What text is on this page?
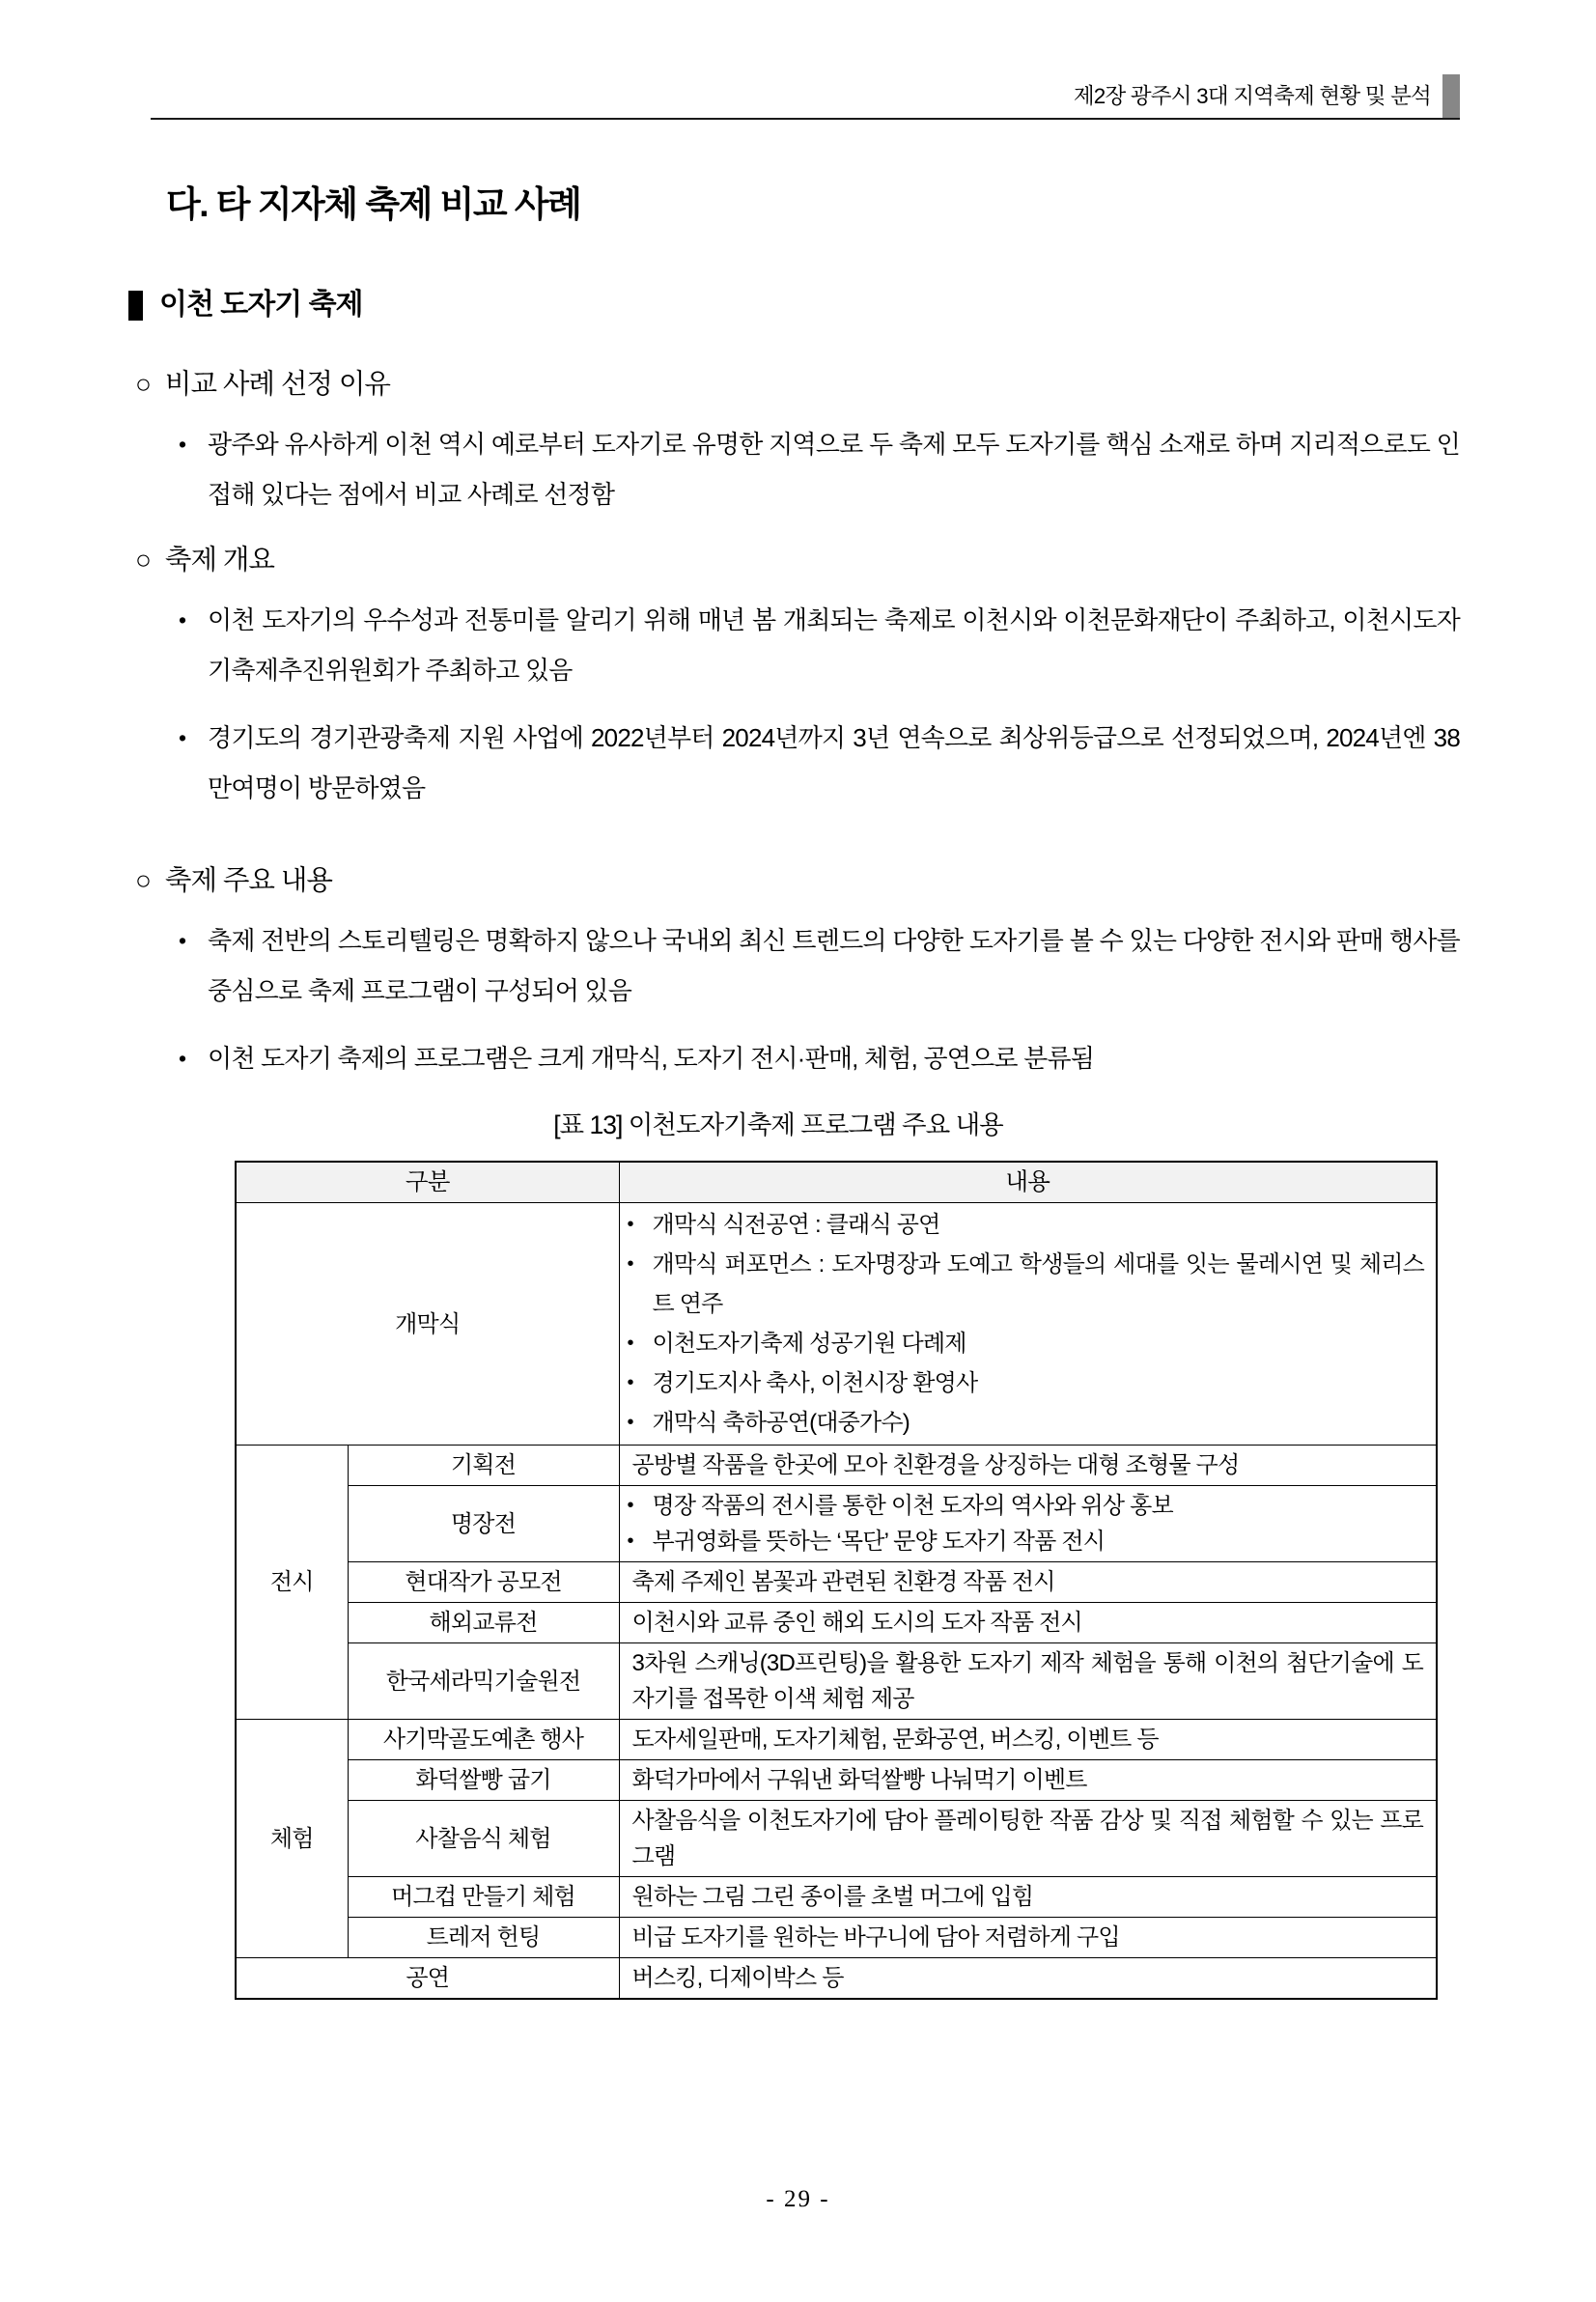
제2장 광주시 3대 지역축제 현황 및 분석
다. 타 지자체 축제 비교 사례
이천 도자기 축제
○ 비교 사례 선정 이유
• 광주와 유사하게 이천 역시 예로부터 도자기로 유명한 지역으로 두 축제 모두 도자기를 핵심 소재로 하며 지리적으로도 인접해 있다는 점에서 비교 사례로 선정함
○ 축제 개요
• 이천 도자기의 우수성과 전통미를 알리기 위해 매년 봄 개최되는 축제로 이천시와 이천문화재단이 주최하고, 이천시도자기축제추진위원회가 주최하고 있음
• 경기도의 경기관광축제 지원 사업에 2022년부터 2024년까지 3년 연속으로 최상위등급으로 선정되었으며, 2024년엔 38만여명이 방문하였음
○ 축제 주요 내용
• 축제 전반의 스토리텔링은 명확하지 않으나 국내외 최신 트렌드의 다양한 도자기를 볼 수 있는 다양한 전시와 판매 행사를 중심으로 축제 프로그램이 구성되어 있음
• 이천 도자기 축제의 프로그램은 크게 개막식, 도자기 전시·판매, 체험, 공연으로 분류됨
[표 13] 이천도자기축제 프로그램 주요 내용
구분		내용
개막식		• 개막식 식전공연 : 클래식 공연
• 개막식 퍼포먼스 : 도자명장과 도예고 학생들의 세대를 잇는 물레시연 및 체리스트 연주
• 이천도자기축제 성공기원 다례제
• 경기도지사 축사, 이천시장 환영사
• 개막식 축하공연(대중가수)

전시	기획전	공방별 작품을 한곳에 모아 친환경을 상징하는 대형 조형물 구성
	명장전	• 명장 작품의 전시를 통한 이천 도자의 역사와 위상 홍보
• 부귀영화를 뜻하는 ‘목단’ 문양 도자기 작품 전시

	현대작가 공모전	축제 주제인 봄꽃과 관련된 친환경 작품 전시
	해외교류전	이천시와 교류 중인 해외 도시의 도자 작품 전시
	한국세라믹기술원전	3차원 스캐닝(3D프린팅)을 활용한 도자기 제작 체험을 통해 이천의 첨단기술에 도자기를 접목한 이색 체험 제공
체험	사기막골도예촌 행사	도자세일판매, 도자기체험, 문화공연, 버스킹, 이벤트 등
	화덕쌀빵 굽기	화덕가마에서 구워낸 화덕쌀빵 나눠먹기 이벤트
	사찰음식 체험	사찰음식을 이천도자기에 담아 플레이팅한 작품 감상 및 직접 체험할 수 있는 프로그램
	머그컵 만들기 체험	원하는 그림 그린 종이를 초벌 머그에 입힘
	트레저 헌팅	비급 도자기를 원하는 바구니에 담아 저렴하게 구입
공연		버스킹, 디제이박스 등
- 29 -
